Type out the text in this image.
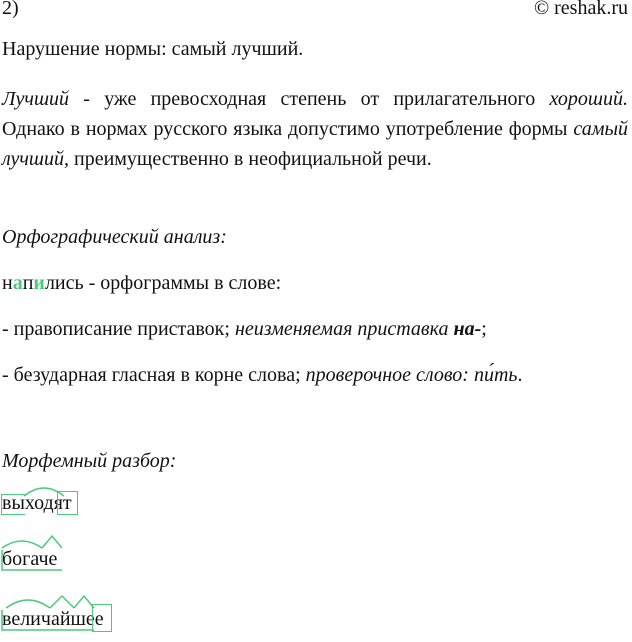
2)	© reshak.ru
Нарушение нормы: самый лучший.
Лучший - уже превосходная степень от прилагательного хороший. Однако в нормах русского языка допустимо употребление формы самый лучший, преимущественно в неофициальной речи.
Орфографический анализ:
напились - орфограммы в слове:
- правописание приставок; неизменяемая приставка на-;
- безударная гласная в корне слова; проверочное слово: пи́ть.
Морфемный разбор:
выходят
богаче
величайшее
